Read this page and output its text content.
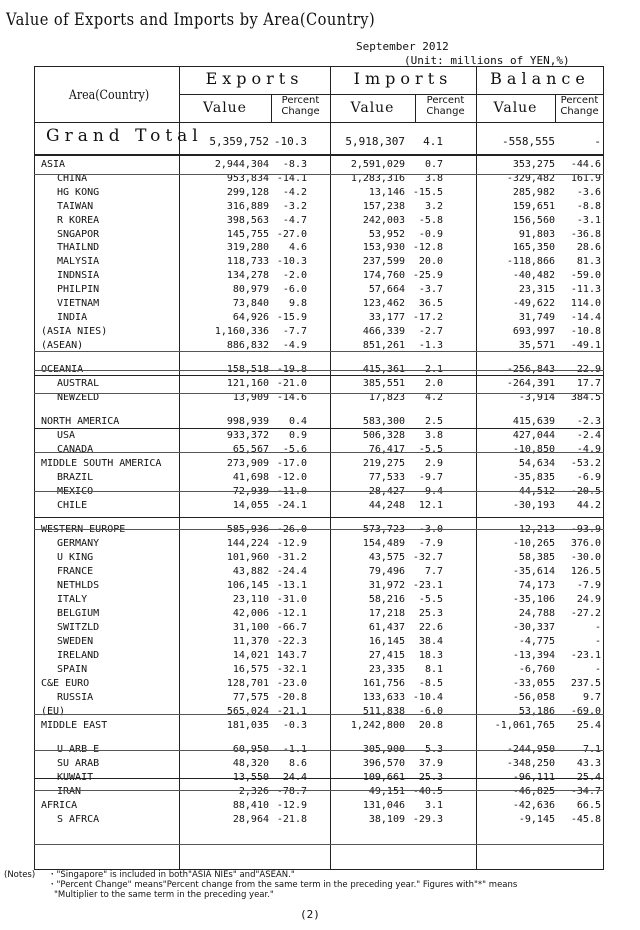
Value of Exports and Imports by Area(Country)
September 2012
(Unit: millions of YEN,%)
Area(Country)
Exports	Imports	Balance
Value	Value	Value
Percent
Change
Percent
Change
Percent
Change
Grand Total 5,359,752 -10.3	5,918,307 4.1	-558,555	-
ASIA	2,944,304 -8.3	2,591,029 0.7	353,275 -44.6
CHINA	953,834 -14.1	1,283,316 3.8	-329,482 161.9
HG KONG	299,128 -4.2	13,146 -15.5	285,982 -3.6
TAIWAN	316,889 -3.2	157,238 3.2	159,651 -8.8
R KOREA	398,563 -4.7	242,003 -5.8	156,560 -3.1
SNGAPOR	145,755 -27.0	53,952 -0.9	91,803 -36.8
THAILND	319,280 4.6	153,930 -12.8	165,350 28.6
MALYSIA	118,733 -10.3	237,599 20.0	-118,866 81.3
INDNSIA	134,278 -2.0	174,760 -25.9	-40,482 -59.0
PHILPIN	80,979 -6.0	57,664 -3.7	23,315 -11.3
VIETNAM	73,840 9.8	123,462 36.5	-49,622 114.0
INDIA	64,926 -15.9	33,177 -17.2	31,749 -14.4
(ASIA NIES)	1,160,336 -7.7	466,339 -2.7	693,997 -10.8
(ASEAN)	886,832 -4.9	851,261 -1.3	35,571 -49.1
OCEANIA	158,518 -19.8	415,361 2.1	-256,843 22.9
AUSTRAL	121,160 -21.0	385,551 2.0	-264,391 17.7
NEWZELD	13,909 -14.6	17,823 4.2	-3,914 384.5
NORTH AMERICA	998,939 0.4	583,300 2.5	415,639 -2.3
USA	933,372 0.9	506,328 3.8	427,044 -2.4
CANADA	65,567 -5.6	76,417 -5.5	-10,850 -4.9
MIDDLE SOUTH AMERICA	273,909 -17.0	219,275 2.9	54,634 -53.2
BRAZIL	41,698 -12.0	77,533 -9.7	-35,835 -6.9
MEXICO	72,939 -11.0	28,427 9.4	44,512 -20.5
CHILE	14,055 -24.1	44,248 12.1	-30,193 44.2
WESTERN EUROPE	585,936 -26.0	573,723 -3.0	12,213 -93.9
GERMANY	144,224 -12.9	154,489 -7.9	-10,265 376.0
U KING	101,960 -31.2	43,575 -32.7	58,385 -30.0
FRANCE	43,882 -24.4	79,496 7.7	-35,614 126.5
NETHLDS	106,145 -13.1	31,972 -23.1	74,173 -7.9
ITALY	23,110 -31.0	58,216 -5.5	-35,106 24.9
BELGIUM	42,006 -12.1	17,218 25.3	24,788 -27.2
SWITZLD	31,100 -66.7	61,437 22.6	-30,337	-
SWEDEN	11,370 -22.3	16,145 38.4	-4,775	-
IRELAND	14,021 143.7	27,415 18.3	-13,394 -23.1
SPAIN	16,575 -32.1	23,335 8.1	-6,760	-
C&E EURO	128,701 -23.0	161,756 -8.5	-33,055 237.5
RUSSIA	77,575 -20.8	133,633 -10.4	-56,058	9.7
(EU)	565,024 -21.1	511,838 -6.0	53,186 -69.0
MIDDLE EAST	181,035 -0.3	1,242,800 20.8	-1,061,765 25.4
U ARB E	60,950 -1.1	305,900 5.3	-244,950	7.1
SU ARAB	48,320 8.6	396,570 37.9	-348,250 43.3
KUWAIT	13,550 24.4	109,661 25.3	-96,111 25.4
IRAN	2,326 -78.7	49,151 -40.5	-46,825 -34.7
AFRICA	88,410 -12.9	131,046 3.1	-42,636 66.5
S AFRCA	28,964 -21.8	38,109 -29.3	-9,145 -45.8
(Notes) ・"Singapore" is included in both"ASIA NIEs" and"ASEAN."
・"Percent Change" means"Percent change from the same term in the preceding year." Figures with"*" means
"Multiplier to the same term in the preceding year."
(2)
